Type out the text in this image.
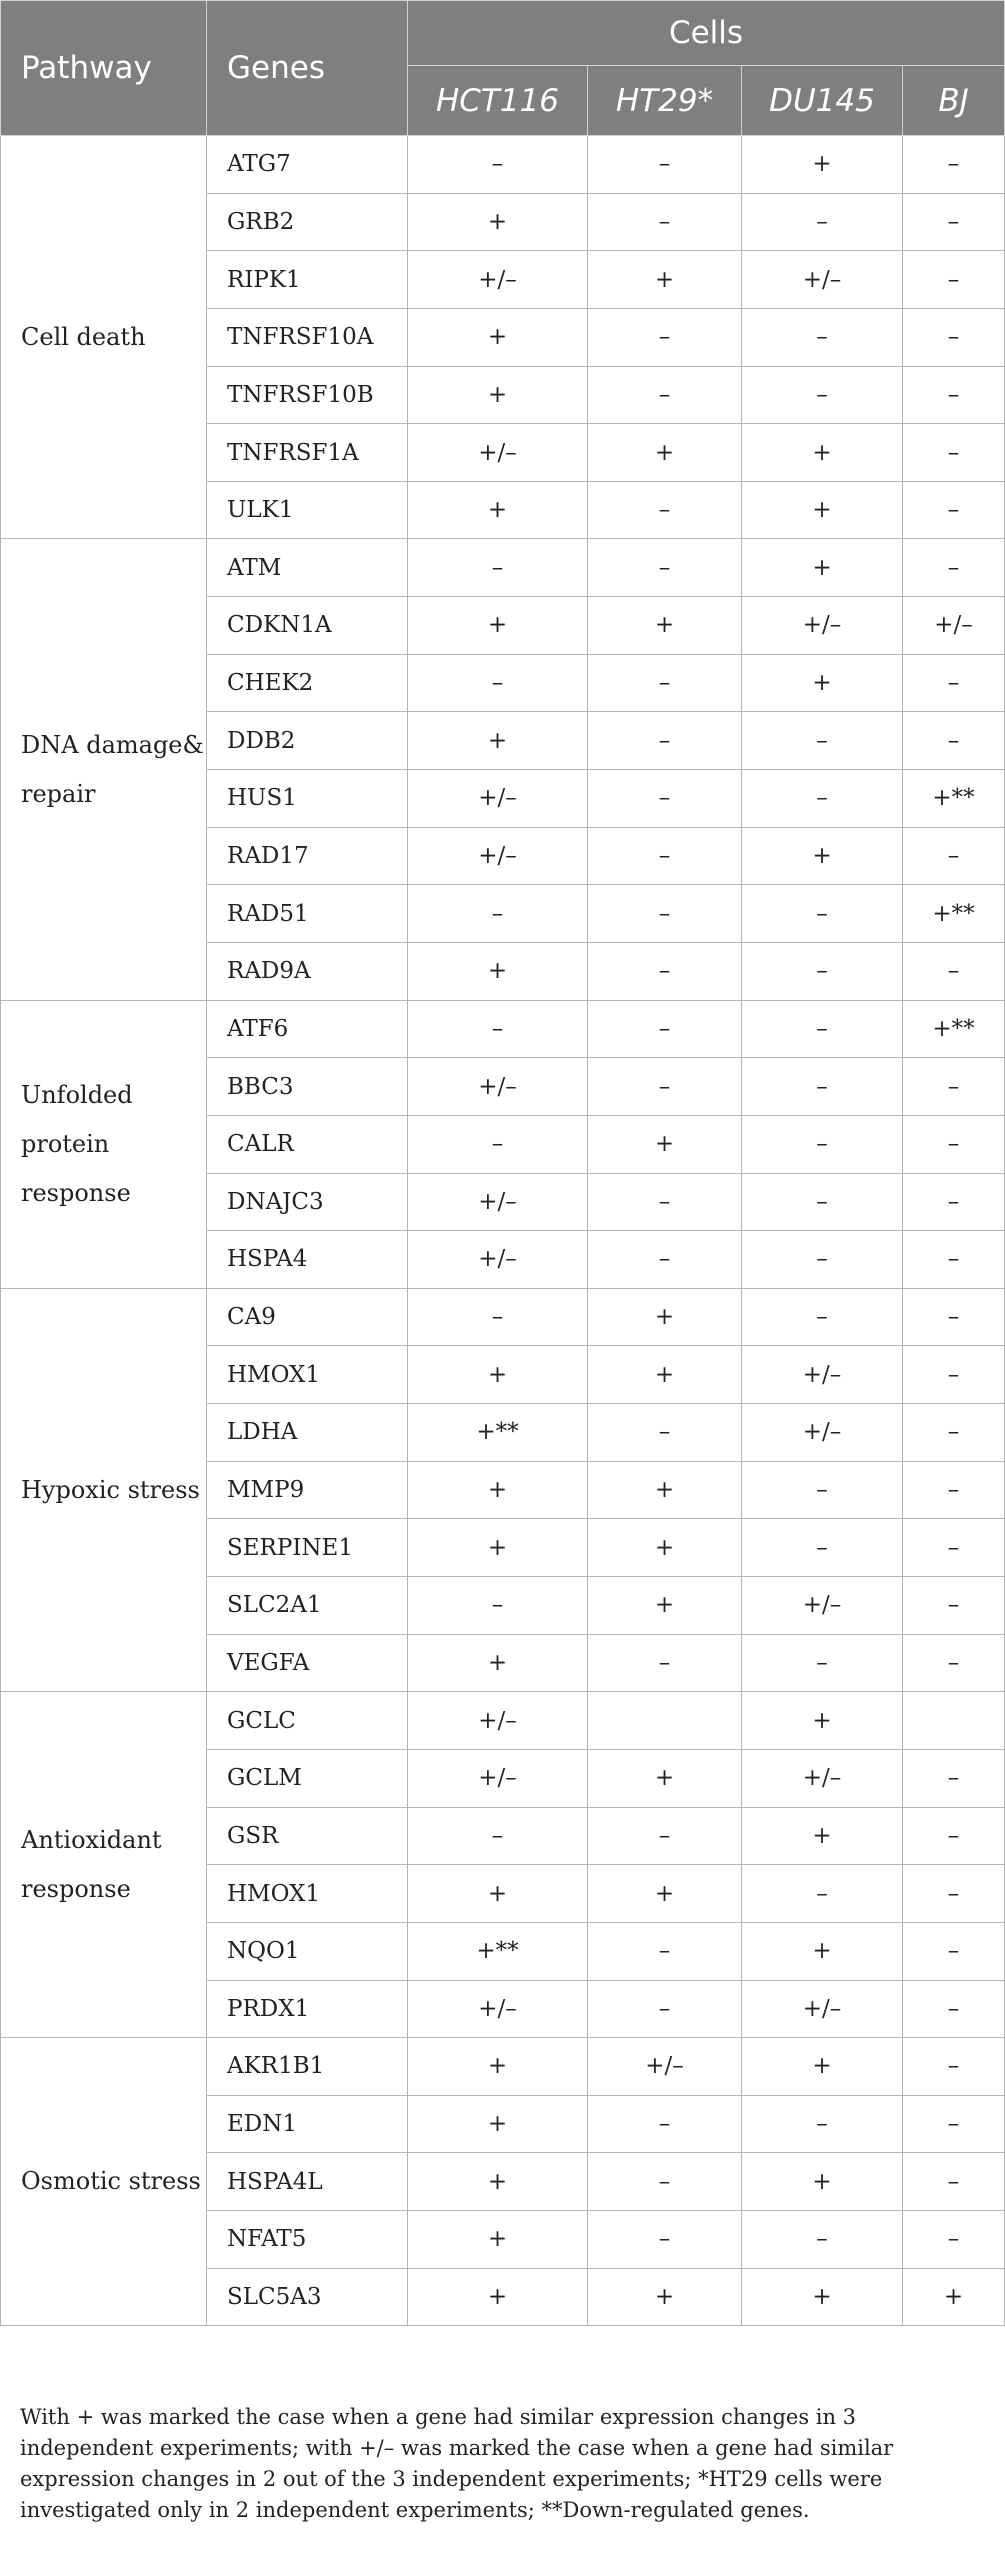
Pathway	Genes	Cells			
		HCT116	HT29*	DU145	BJ
Cell death	ATG7	–	–	+	–
	GRB2	+	–	–	–
	RIPK1	+/–	+	+/–	–
	TNFRSF10A	+	–	–	–
	TNFRSF10B	+	–	–	–
	TNFRSF1A	+/–	+	+	–
	ULK1	+	–	+	–
DNA damage& repair	ATM	–	–	+	–
	CDKN1A	+	+	+/–	+/–
	CHEK2	–	–	+	–
	DDB2	+	–	–	–
	HUS1	+/–	–	–	+**
	RAD17	+/–	–	+	–
	RAD51	–	–	–	+**
	RAD9A	+	–	–	–
Unfolded protein response	ATF6	–	–	–	+**
	BBC3	+/–	–	–	–
	CALR	–	+	–	–
	DNAJC3	+/–	–	–	–
	HSPA4	+/–	–	–	–
Hypoxic stress	CA9	–	+	–	–
	HMOX1	+	+	+/–	–
	LDHA	+**	–	+/–	–
	MMP9	+	+	–	–
	SERPINE1	+	+	–	–
	SLC2A1	–	+	+/–	–
	VEGFA	+	–	–	–
Antioxidant response	GCLC	+/–		+	
	GCLM	+/–	+	+/–	–
	GSR	–	–	+	–
	HMOX1	+	+	–	–
	NQO1	+**	–	+	–
	PRDX1	+/–	–	+/–	–
Osmotic stress	AKR1B1	+	+/–	+	–
	EDN1	+	–	–	–
	HSPA4L	+	–	+	–
	NFAT5	+	–	–	–
	SLC5A3	+	+	+	+
With + was marked the case when a gene had similar expression changes in 3 independent experiments; with +/– was marked the case when a gene had similar expression changes in 2 out of the 3 independent experiments; *HT29 cells were investigated only in 2 independent experiments; **Down-regulated genes.
